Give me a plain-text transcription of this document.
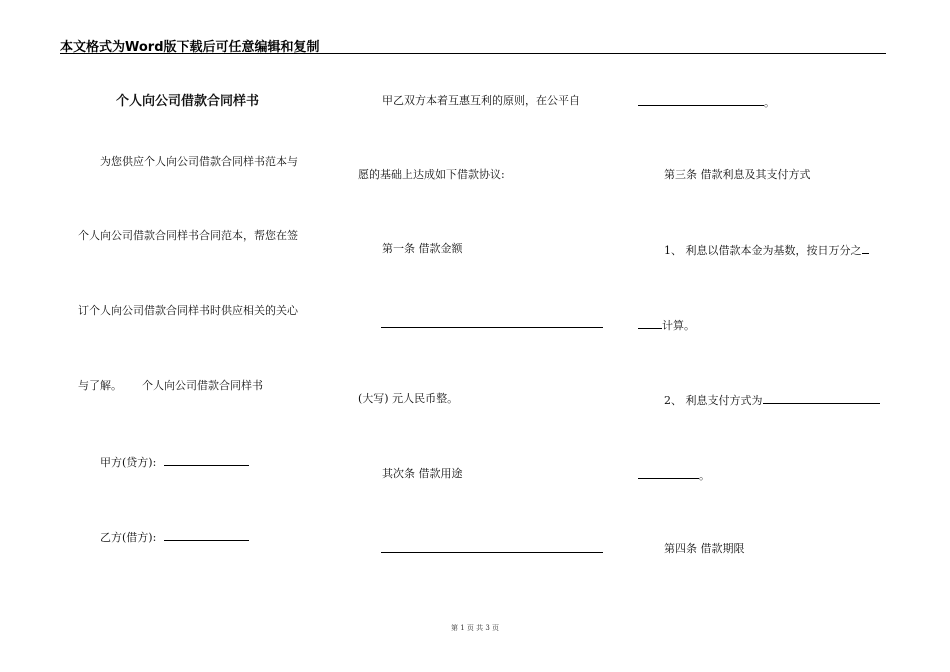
本文格式为Word版下载后可任意编辑和复制
个人向公司借款合同样书
为您供应个人向公司借款合同样书范本与
个人向公司借款合同样书合同范本，帮您在签
订个人向公司借款合同样书时供应相关的关心
与了解。 个人向公司借款合同样书
甲方(贷方):
乙方(借方):
甲乙双方本着互惠互利的原则，在公平自
愿的基础上达成如下借款协议:
第一条 借款金额
(大写) 元人民币整。
其次条 借款用途
。
第三条 借款利息及其支付方式
1、 利息以借款本金为基数，按日万分之
计算。
2、 利息支付方式为
。
第四条 借款期限
第 1 页 共 3 页
